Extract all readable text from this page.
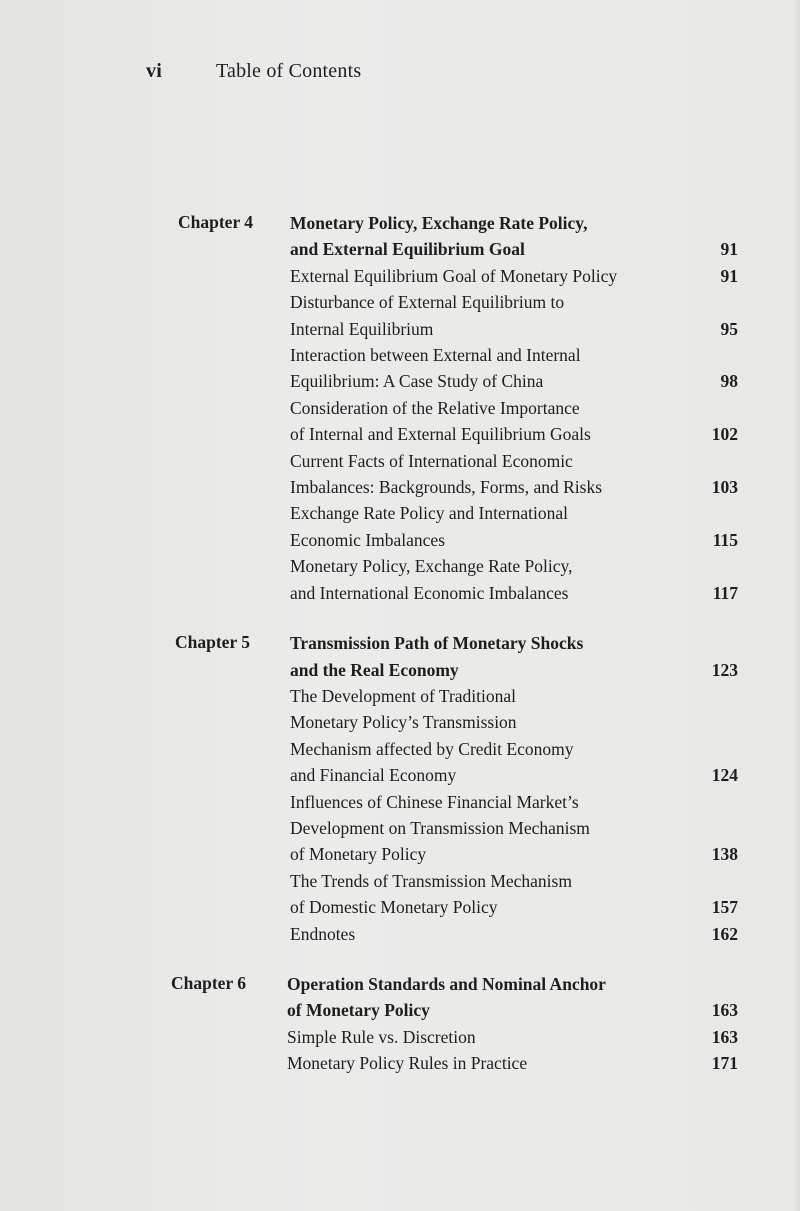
vi	Table of Contents
Chapter 4	Monetary Policy, Exchange Rate Policy,
and External Equilibrium Goal	91
External Equilibrium Goal of Monetary Policy	91
Disturbance of External Equilibrium to
Internal Equilibrium	95
Interaction between External and Internal
Equilibrium: A Case Study of China	98
Consideration of the Relative Importance
of Internal and External Equilibrium Goals	102
Current Facts of International Economic
Imbalances: Backgrounds, Forms, and Risks	103
Exchange Rate Policy and International
Economic Imbalances	115
Monetary Policy, Exchange Rate Policy,
and International Economic Imbalances	117
Chapter 5	Transmission Path of Monetary Shocks
and the Real Economy	123
The Development of Traditional
Monetary Policy’s Transmission
Mechanism affected by Credit Economy
and Financial Economy	124
Influences of Chinese Financial Market’s
Development on Transmission Mechanism
of Monetary Policy	138
The Trends of Transmission Mechanism
of Domestic Monetary Policy	157
Endnotes	162
Chapter 6	Operation Standards and Nominal Anchor
of Monetary Policy	163
Simple Rule vs. Discretion	163
Monetary Policy Rules in Practice	171
